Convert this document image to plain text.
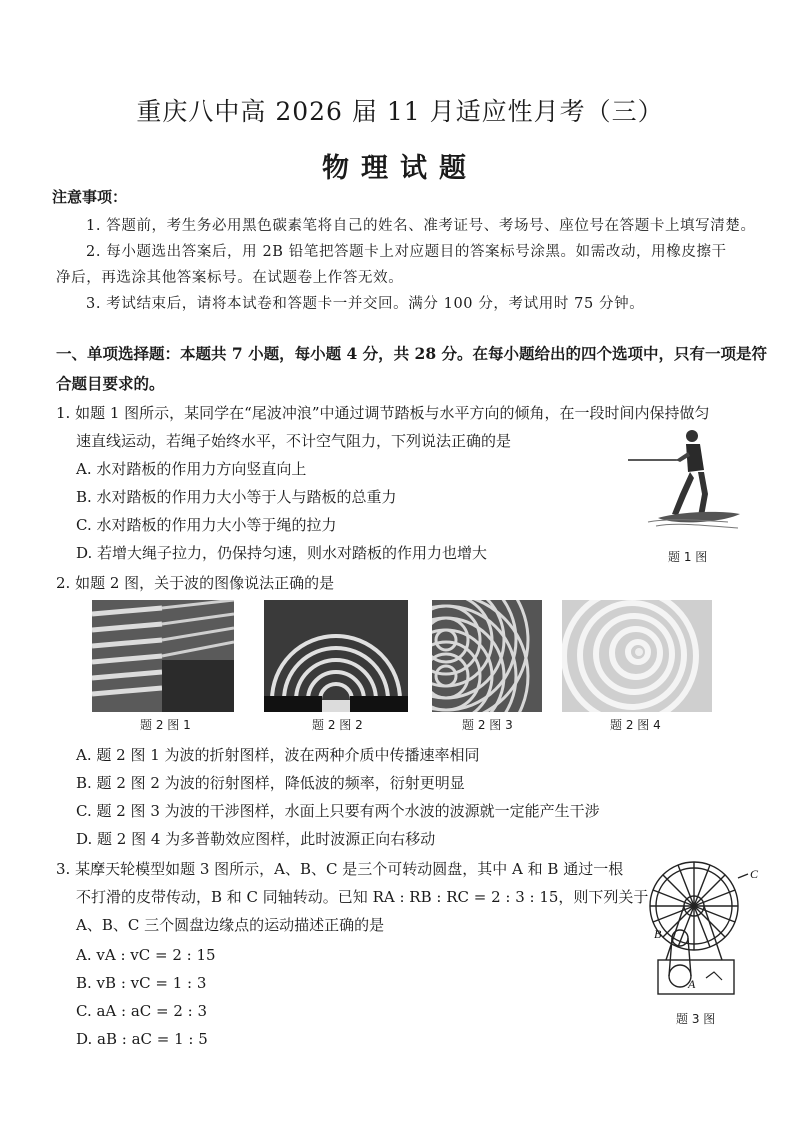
重庆八中高 2026 届 11 月适应性月考（三）
物理试题
注意事项：
1. 答题前，考生务必用黑色碳素笔将自己的姓名、准考证号、考场号、座位号在答题卡上填写清楚。
2. 每小题选出答案后，用 2B 铅笔把答题卡上对应题目的答案标号涂黑。如需改动，用橡皮擦干
净后，再选涂其他答案标号。在试题卷上作答无效。
3. 考试结束后，请将本试卷和答题卡一并交回。满分 100 分，考试用时 75 分钟。
一、单项选择题：本题共 7 小题，每小题 4 分，共 28 分。在每小题给出的四个选项中，只有一项是符
合题目要求的。
1. 如题 1 图所示，某同学在“尾波冲浪”中通过调节踏板与水平方向的倾角，在一段时间内保持做匀
速直线运动，若绳子始终水平，不计空气阻力，下列说法正确的是
A. 水对踏板的作用力方向竖直向上
B. 水对踏板的作用力大小等于人与踏板的总重力
C. 水对踏板的作用力大小等于绳的拉力
D. 若增大绳子拉力，仍保持匀速，则水对踏板的作用力也增大	题 1 图
2. 如题 2 图，关于波的图像说法正确的是
题 2 图 1	题 2 图 2	题 2 图 3	题 2 图 4
A. 题 2 图 1 为波的折射图样，波在两种介质中传播速率相同
B. 题 2 图 2 为波的衍射图样，降低波的频率，衍射更明显
C. 题 2 图 3 为波的干涉图样，水面上只要有两个水波的波源就一定能产生干涉
D. 题 2 图 4 为多普勒效应图样，此时波源正向右移动
3. 某摩天轮模型如题 3 图所示，A、B、C 是三个可转动圆盘，其中 A 和 B 通过一根
不打滑的皮带传动，B 和 C 同轴转动。已知 RA : RB : RC = 2 : 3 : 15，则下列关于
A、B、C 三个圆盘边缘点的运动描述正确的是
A. vA : vC = 2 : 15
B. vB : vC = 1 : 3
C. aA : aC = 2 : 3
D. aB : aC = 1 : 5
C
B
A
题 3 图
